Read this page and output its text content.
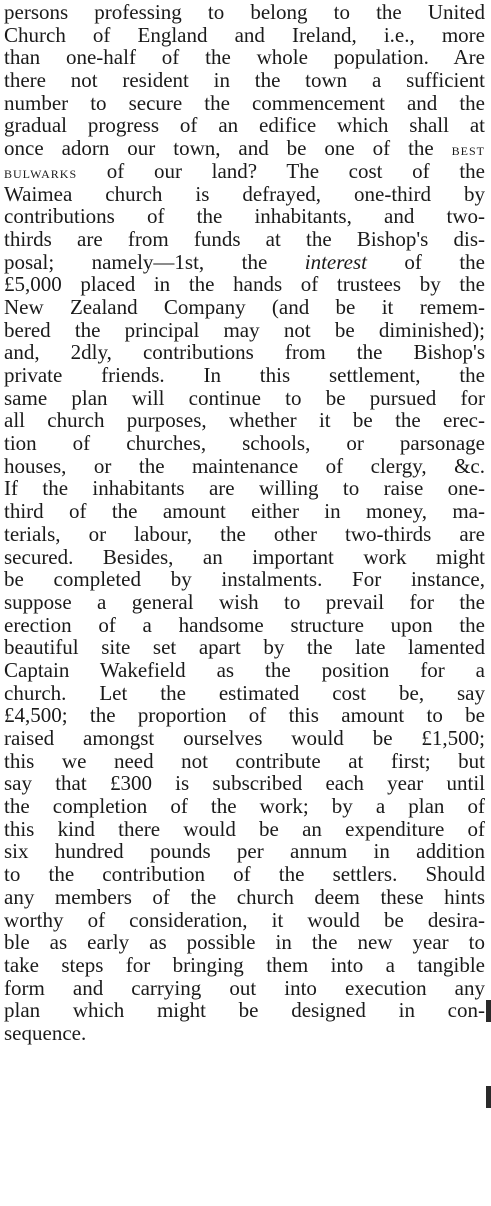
persons professing to belong to the United
Church of England and Ireland, i.e., more
than one-half of the whole population. Are
there not resident in the town a sufficient
number to secure the commencement and the
gradual progress of an edifice which shall at
once adorn our town, and be one of the best
bulwarks of our land? The cost of the
Waimea church is defrayed, one-third by
contributions of the inhabitants, and two-
thirds are from funds at the Bishop's dis-
posal; namely—1st, the interest of the
£5,000 placed in the hands of trustees by the
New Zealand Company (and be it remem-
bered the principal may not be diminished);
and, 2dly, contributions from the Bishop's
private friends. In this settlement, the
same plan will continue to be pursued for
all church purposes, whether it be the erec-
tion of churches, schools, or parsonage
houses, or the maintenance of clergy, &c.
If the inhabitants are willing to raise one-
third of the amount either in money, ma-
terials, or labour, the other two-thirds are
secured. Besides, an important work might
be completed by instalments. For instance,
suppose a general wish to prevail for the
erection of a handsome structure upon the
beautiful site set apart by the late lamented
Captain Wakefield as the position for a
church. Let the estimated cost be, say
£4,500; the proportion of this amount to be
raised amongst ourselves would be £1,500;
this we need not contribute at first; but
say that £300 is subscribed each year until
the completion of the work; by a plan of
this kind there would be an expenditure of
six hundred pounds per annum in addition
to the contribution of the settlers. Should
any members of the church deem these hints
worthy of consideration, it would be desira-
ble as early as possible in the new year to
take steps for bringing them into a tangible
form and carrying out into execution any
plan which might be designed in con-
sequence.
